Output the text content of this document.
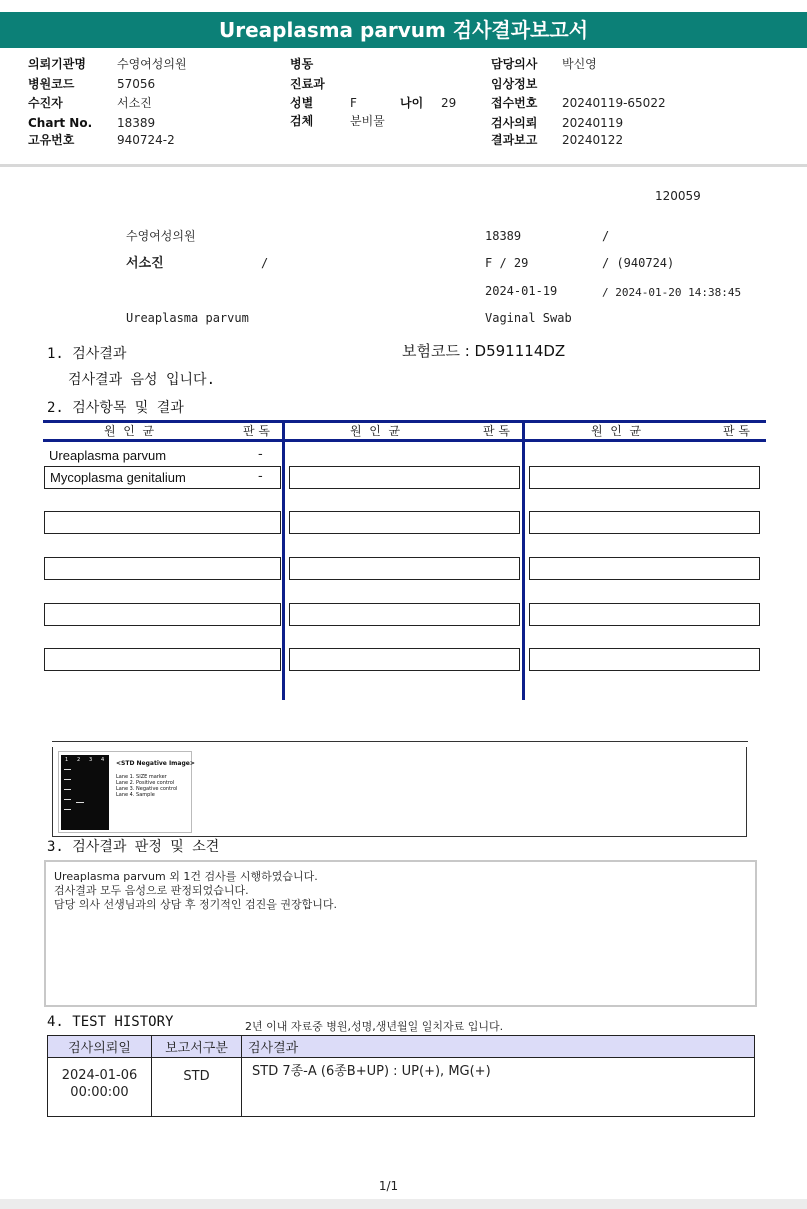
Ureaplasma parvum 검사결과보고서
의뢰기관명	수영여성의원
병원코드	57056
수진자	서소진
Chart No. 18389
고유번호	940724-2
병동
진료과
성별	F	나이 29
검체	분비물
담당의사 박신영
임상정보
접수번호 20240119-65022
검사의뢰 20240119
결과보고 20240122
120059
수영여성의원	18389	/
서소진	/	F / 29	/ (940724)
2024-01-19	/ 2024-01-20 14:38:45
Ureaplasma parvum	Vaginal Swab
1. 검사결과	보험코드 : D591114DZ
검사결과 음성 입니다.
2. 검사항목 및 결과
원  인  균	판 독	원  인  균	판 독	원  인  균	판 독
Ureaplasma parvum	-
Mycoplasma genitalium	-
1 2 3 4 <STD Negative Image>
Lane 1. SIZE marker
Lane 2. Positive control
Lane 3. Negative control
Lane 4. Sample
3. 검사결과 판정 및 소견
Ureaplasma parvum 외 1건 검사를 시행하였습니다.
검사결과 모두 음성으로 판정되었습니다.
담당 의사 선생님과의 상담 후 정기적인 검진을 권장합니다.
4. TEST HISTORY	2년 이내 자료중 병원,성명,생년월일 일치자료 입니다.
검사의뢰일	보고서구분	검사결과

2024-01-06
00:00:00	STD	STD 7종-A (6종B+UP) : UP(+), MG(+)
1/1
